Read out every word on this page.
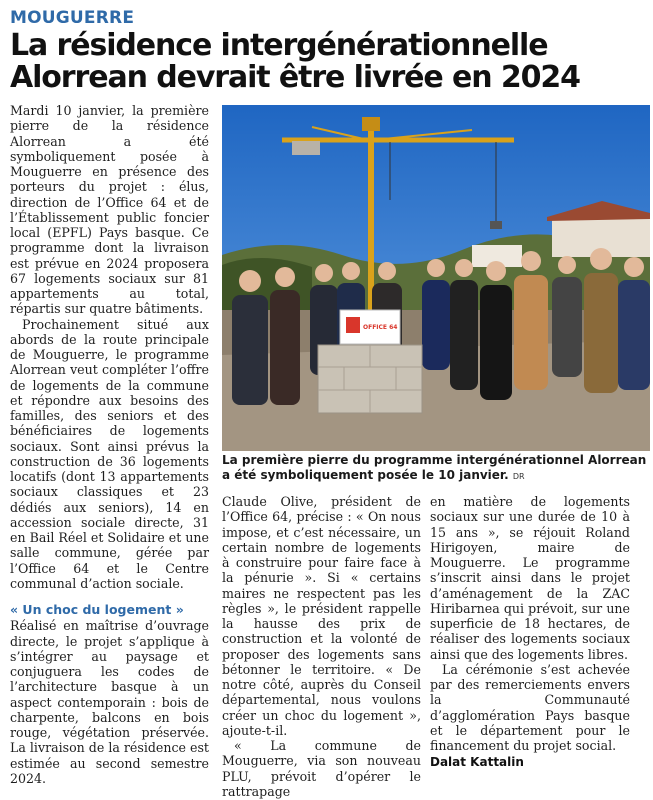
MOUGUERRE
La résidence intergénérationnelle Alorrean devrait être livrée en 2024

Mardi 10 janvier, la première pierre de la résidence Alorrean a été symboliquement posée à Mouguerre en présence des porteurs du projet : élus, direction de l’Office 64 et de l’Établissement public foncier local (EPFL) Pays basque. Ce programme dont la livraison est prévue en 2024 proposera 67 logements sociaux sur 81 appartements au total, répartis sur quatre bâtiments.

Prochainement situé aux abords de la route principale de Mouguerre, le programme Alorrean veut compléter l’offre de logements de la commune et répondre aux besoins des familles, des seniors et des bénéficiaires de logements sociaux. Sont ainsi prévus la construction de 36 logements locatifs (dont 13 appartements sociaux classiques et 23 dédiés aux seniors), 14 en accession sociale directe, 31 en Bail Réel et Solidaire et une salle commune, gérée par l’Office 64 et le Centre communal d’action sociale.

« Un choc du logement »

Réalisé en maîtrise d’ouvrage directe, le projet s’applique à s’intégrer au paysage et conjuguera les codes de l’architecture basque à un aspect contemporain : bois de charpente, balcons en bois rouge, végétation préservée. La livraison de la résidence est estimée au second semestre 2024.

OFFICE 64
La première pierre du programme intergénérationnel Alorrean a été symboliquement posée le 10 janvier. DR

Claude Olive, président de l’Office 64, précise : « On nous impose, et c’est nécessaire, un certain nombre de logements à construire pour faire face à la pénurie ». Si « certains maires ne respectent pas les règles », le président rappelle la hausse des prix de construction et la volonté de proposer des logements sans bétonner le territoire. « De notre côté, auprès du Conseil départemental, nous voulons créer un choc du logement », ajoute-t-il.

« La commune de Mouguerre, via son nouveau PLU, prévoit d’opérer le rattrapage

en matière de logements sociaux sur une durée de 10 à 15 ans », se réjouit Roland Hirigoyen, maire de Mouguerre. Le programme s’inscrit ainsi dans le projet d’aménagement de la ZAC Hiribarnea qui prévoit, sur une superficie de 18 hectares, de réaliser des logements sociaux ainsi que des logements libres.

La cérémonie s’est achevée par des remerciements envers la Communauté d’agglomération Pays basque et le département pour le financement du projet social.

Dalat Kattalin
